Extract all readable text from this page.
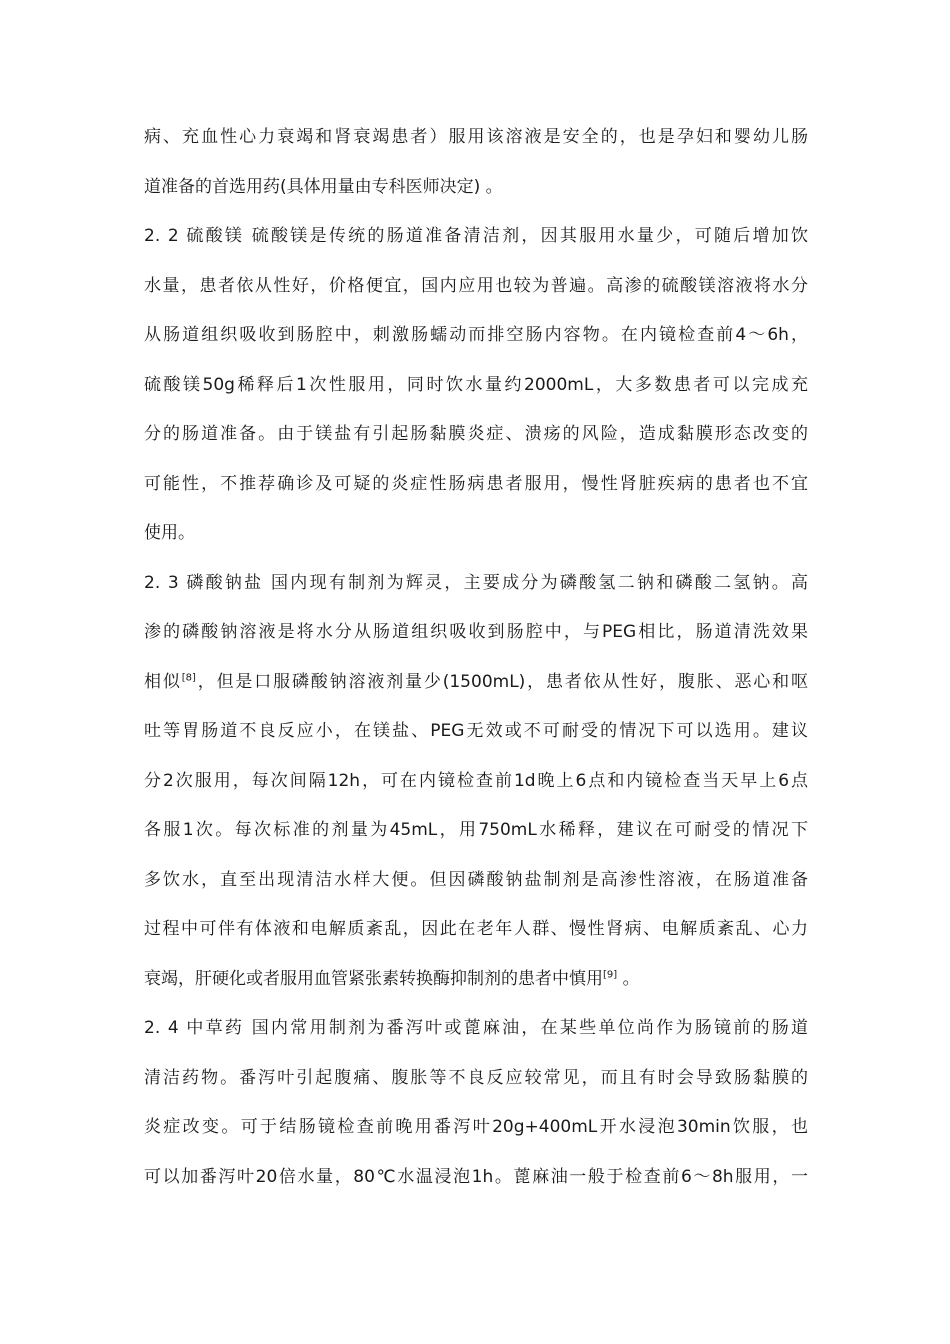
病、充血性心力衰竭和肾衰竭患者）服用该溶液是安全的，也是孕妇和婴幼儿肠
道准备的首选用药(具体用量由专科医师决定) 。
2. 2 硫酸镁 硫酸镁是传统的肠道准备清洁剂，因其服用水量少，可随后增加饮
水量，患者依从性好，价格便宜，国内应用也较为普遍。高渗的硫酸镁溶液将水分
从肠道组织吸收到肠腔中，刺激肠蠕动而排空肠内容物。在内镜检查前4～6h，
硫酸镁50g稀释后1次性服用，同时饮水量约2000mL，大多数患者可以完成充
分的肠道准备。由于镁盐有引起肠黏膜炎症、溃疡的风险，造成黏膜形态改变的
可能性，不推荐确诊及可疑的炎症性肠病患者服用，慢性肾脏疾病的患者也不宜
使用。
2. 3 磷酸钠盐 国内现有制剂为辉灵，主要成分为磷酸氢二钠和磷酸二氢钠。高
渗的磷酸钠溶液是将水分从肠道组织吸收到肠腔中，与PEG相比，肠道清洗效果
相似[8]，但是口服磷酸钠溶液剂量少(1500mL)，患者依从性好，腹胀、恶心和呕
吐等胃肠道不良反应小，在镁盐、PEG无效或不可耐受的情况下可以选用。建议
分2次服用，每次间隔12h，可在内镜检查前1d晚上6点和内镜检查当天早上6点
各服1次。每次标准的剂量为45mL，用750mL水稀释，建议在可耐受的情况下
多饮水，直至出现清洁水样大便。但因磷酸钠盐制剂是高渗性溶液，在肠道准备
过程中可伴有体液和电解质紊乱，因此在老年人群、慢性肾病、电解质紊乱、心力
衰竭，肝硬化或者服用血管紧张素转换酶抑制剂的患者中慎用[9] 。
2. 4 中草药 国内常用制剂为番泻叶或蓖麻油，在某些单位尚作为肠镜前的肠道
清洁药物。番泻叶引起腹痛、腹胀等不良反应较常见，而且有时会导致肠黏膜的
炎症改变。可于结肠镜检查前晚用番泻叶20g+400mL开水浸泡30min饮服，也
可以加番泻叶20倍水量，80℃水温浸泡1h。蓖麻油一般于检查前6～8h服用，一
